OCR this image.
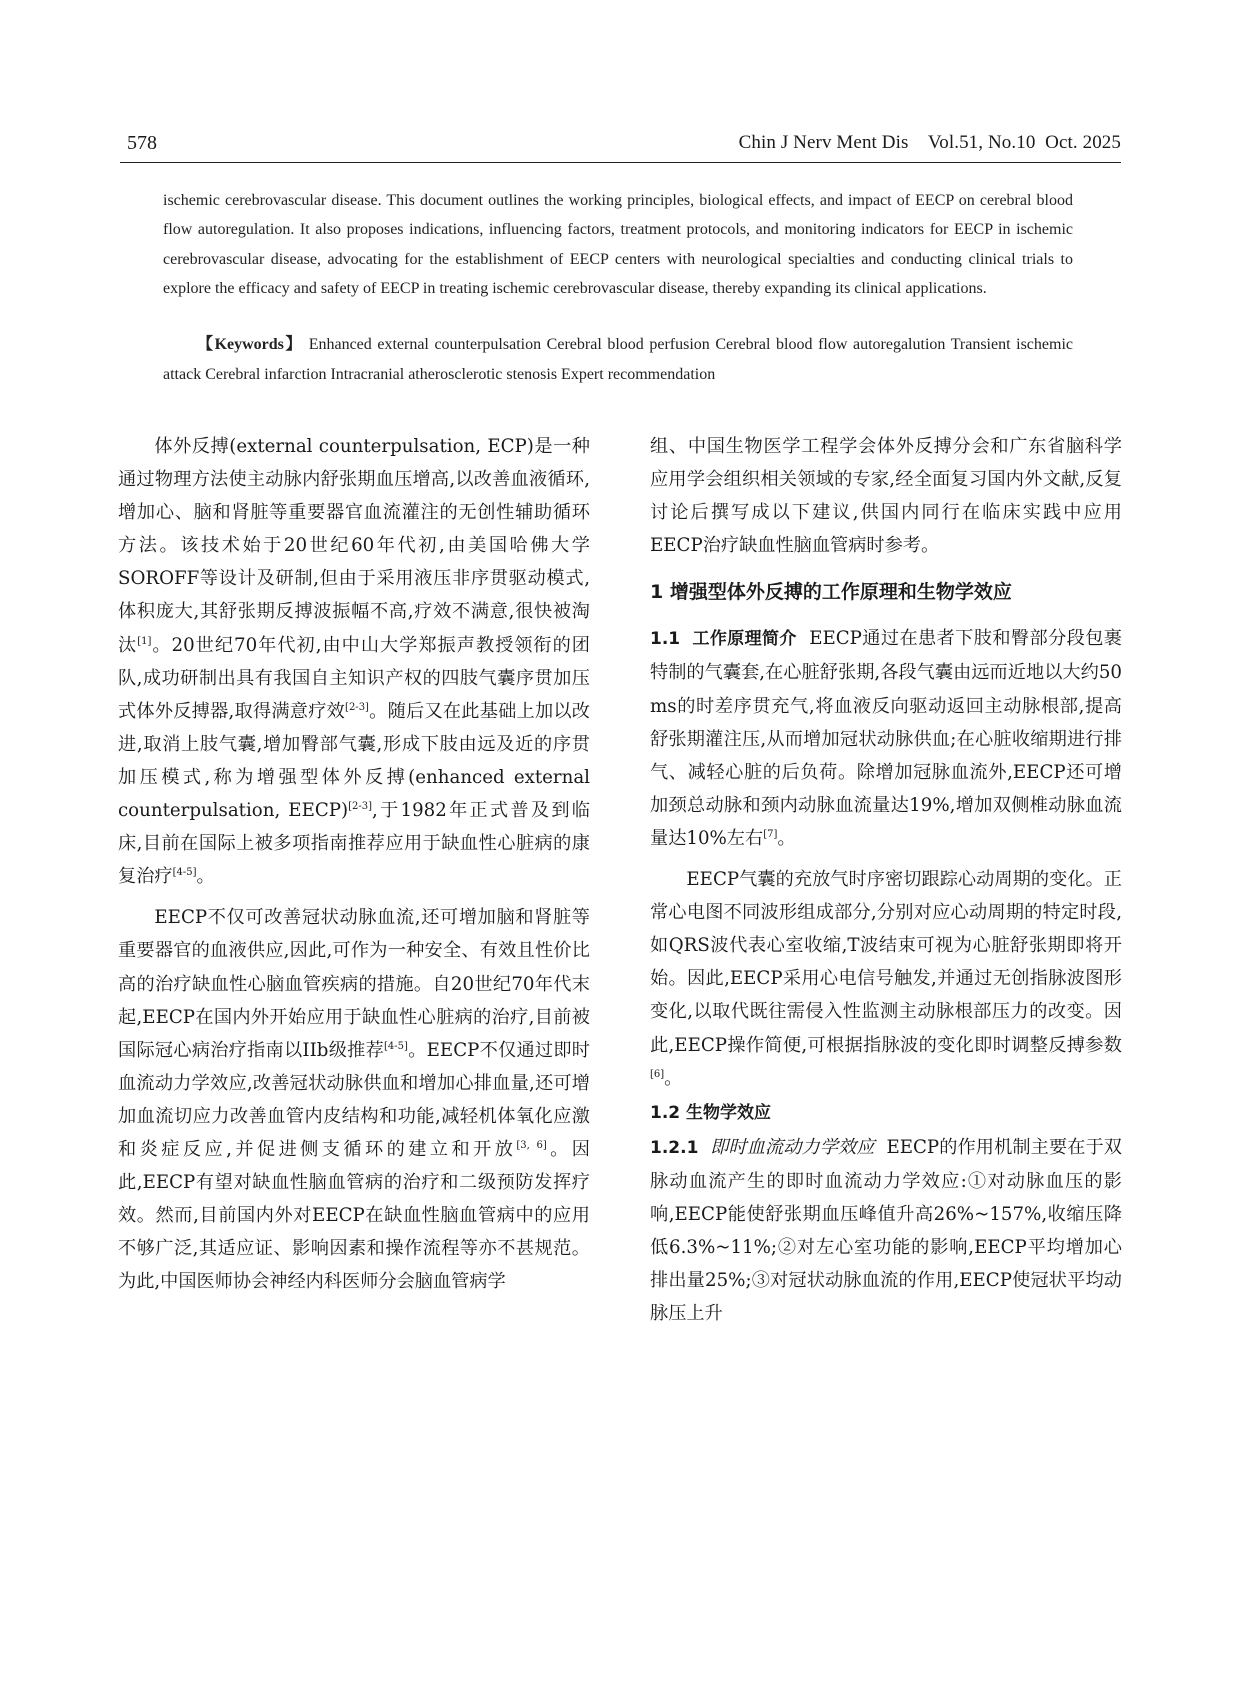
578	Chin J Nerv Ment Dis Vol.51, No.10 Oct. 2025
ischemic cerebrovascular disease. This document outlines the working principles, biological effects, and impact of EECP on cerebral blood flow autoregulation. It also proposes indications, influencing factors, treatment protocols, and monitoring indicators for EECP in ischemic cerebrovascular disease, advocating for the establishment of EECP centers with neurological specialties and conducting clinical trials to explore the efficacy and safety of EECP in treating ischemic cerebrovascular disease, thereby expanding its clinical applications.
【Keywords】 Enhanced external counterpulsation Cerebral blood perfusion Cerebral blood flow autoregalution Transient ischemic attack Cerebral infarction Intracranial atherosclerotic stenosis Expert recommendation

体外反搏(external counterpulsation, ECP)是一种通过物理方法使主动脉内舒张期血压增高,以改善血液循环,增加心、脑和肾脏等重要器官血流灌注的无创性辅助循环方法。该技术始于20世纪60年代初,由美国哈佛大学SOROFF等设计及研制,但由于采用液压非序贯驱动模式,体积庞大,其舒张期反搏波振幅不高,疗效不满意,很快被淘汰[1]。20世纪70年代初,由中山大学郑振声教授领衔的团队,成功研制出具有我国自主知识产权的四肢气囊序贯加压式体外反搏器,取得满意疗效[2-3]。随后又在此基础上加以改进,取消上肢气囊,增加臀部气囊,形成下肢由远及近的序贯加压模式,称为增强型体外反搏(enhanced external counterpulsation, EECP)[2-3],于1982年正式普及到临床,目前在国际上被多项指南推荐应用于缺血性心脏病的康复治疗[4-5]。

EECP不仅可改善冠状动脉血流,还可增加脑和肾脏等重要器官的血液供应,因此,可作为一种安全、有效且性价比高的治疗缺血性心脑血管疾病的措施。自20世纪70年代末起,EECP在国内外开始应用于缺血性心脏病的治疗,目前被国际冠心病治疗指南以IIb级推荐[4-5]。EECP不仅通过即时血流动力学效应,改善冠状动脉供血和增加心排血量,还可增加血流切应力改善血管内皮结构和功能,减轻机体氧化应激和炎症反应,并促进侧支循环的建立和开放[3, 6]。因此,EECP有望对缺血性脑血管病的治疗和二级预防发挥疗效。然而,目前国内外对EECP在缺血性脑血管病中的应用不够广泛,其适应证、影响因素和操作流程等亦不甚规范。为此,中国医师协会神经内科医师分会脑血管病学

组、中国生物医学工程学会体外反搏分会和广东省脑科学应用学会组织相关领域的专家,经全面复习国内外文献,反复讨论后撰写成以下建议,供国内同行在临床实践中应用EECP治疗缺血性脑血管病时参考。

1 增强型体外反搏的工作原理和生物学效应

1.1 工作原理简介 EECP通过在患者下肢和臀部分段包裹特制的气囊套,在心脏舒张期,各段气囊由远而近地以大约50 ms的时差序贯充气,将血液反向驱动返回主动脉根部,提高舒张期灌注压,从而增加冠状动脉供血;在心脏收缩期进行排气、减轻心脏的后负荷。除增加冠脉血流外,EECP还可增加颈总动脉和颈内动脉血流量达19%,增加双侧椎动脉血流量达10%左右[7]。

EECP气囊的充放气时序密切跟踪心动周期的变化。正常心电图不同波形组成部分,分别对应心动周期的特定时段,如QRS波代表心室收缩,T波结束可视为心脏舒张期即将开始。因此,EECP采用心电信号触发,并通过无创指脉波图形变化,以取代既往需侵入性监测主动脉根部压力的改变。因此,EECP操作简便,可根据指脉波的变化即时调整反搏参数[6]。

1.2 生物学效应

1.2.1 即时血流动力学效应 EECP的作用机制主要在于双脉动血流产生的即时血流动力学效应:①对动脉血压的影响,EECP能使舒张期血压峰值升高26%~157%,收缩压降低6.3%~11%;②对左心室功能的影响,EECP平均增加心排出量25%;③对冠状动脉血流的作用,EECP使冠状平均动脉压上升
